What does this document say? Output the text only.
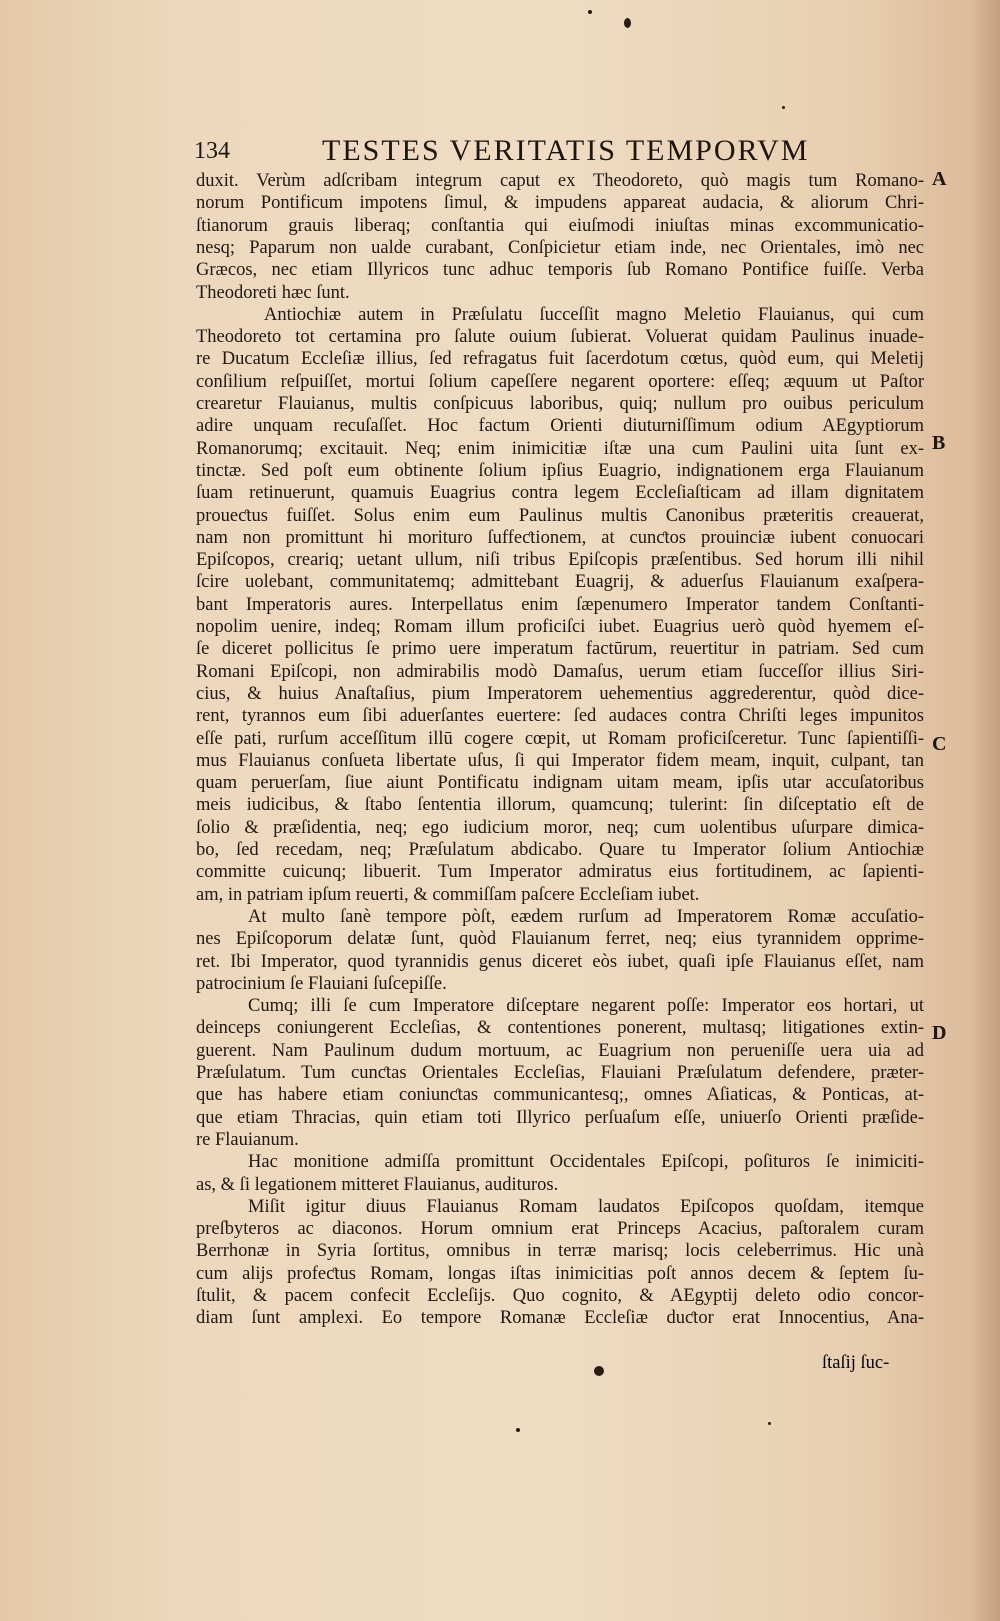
134	TESTES VERITATIS TEMPORVM
A
B
C
D
duxit. Verùm adſcribam integrum caput ex Theodoreto, quò magis tum Romano-
norum Pontificum impotens ſimul, & impudens appareat audacia, & aliorum Chri-
ſtianorum grauis liberaq; conſtantia qui eiuſmodi iniuſtas minas excommunicatio-
nesq; Paparum non ualde curabant, Conſpicietur etiam inde, nec Orientales, imò nec
Græcos, nec etiam Illyricos tunc adhuc temporis ſub Romano Pontifice fuiſſe. Verba
Theodoreti hæc ſunt.
Antiochiæ autem in Præſulatu ſucceſſit magno Meletio Flauianus, qui cum
Theodoreto tot certamina pro ſalute ouium ſubierat. Voluerat quidam Paulinus inuade-
re Ducatum Eccleſiæ illius, ſed refragatus fuit ſacerdotum cœtus, quòd eum, qui Meletij
conſilium reſpuiſſet, mortui ſolium capeſſere negarent oportere: eſſeq; æquum ut Paſtor
crearetur Flauianus, multis conſpicuus laboribus, quiq; nullum pro ouibus periculum
adire unquam recuſaſſet. Hoc factum Orienti diuturniſſimum odium AEgyptiorum
Romanorumq; excitauit. Neq; enim inimicitiæ iſtæ una cum Paulini uita ſunt ex-
tinctæ. Sed poſt eum obtinente ſolium ipſius Euagrio, indignationem erga Flauianum
ſuam retinuerunt, quamuis Euagrius contra legem Eccleſiaſticam ad illam dignitatem
proueƈtus fuiſſet. Solus enim eum Paulinus multis Canonibus præteritis creauerat,
nam non promittunt hi morituro ſuffeƈtionem, at cunƈtos prouinciæ iubent conuocari
Epiſcopos, creariq; uetant ullum, niſi tribus Epiſcopis præſentibus. Sed horum illi nihil
ſcire uolebant, communitatemq; admittebant Euagrij, & aduerſus Flauianum exaſpera-
bant Imperatoris aures. Interpellatus enim ſæpenumero Imperator tandem Conſtanti-
nopolim uenire, indeq; Romam illum proficiſci iubet. Euagrius uerò quòd hyemem eſ-
ſe diceret pollicitus ſe primo uere imperatum factūrum, reuertitur in patriam. Sed cum
Romani Epiſcopi, non admirabilis modò Damaſus, uerum etiam ſucceſſor illius Siri-
cius, & huius Anaſtaſius, pium Imperatorem uehementius aggrederentur, quòd dice-
rent, tyrannos eum ſibi aduerſantes euertere: ſed audaces contra Chriſti leges impunitos
eſſe pati, rurſum acceſſitum illū cogere cœpit, ut Romam proficiſceretur. Tunc ſapientiſſi-
mus Flauianus conſueta libertate uſus, ſi qui Imperator fidem meam, inquit, culpant, tan
quam peruerſam, ſiue aiunt Pontificatu indignam uitam meam, ipſis utar accuſatoribus
meis iudicibus, & ſtabo ſententia illorum, quamcunq; tulerint: ſin diſceptatio eſt de
ſolio & præſidentia, neq; ego iudicium moror, neq; cum uolentibus uſurpare dimica-
bo, ſed recedam, neq; Præſulatum abdicabo. Quare tu Imperator ſolium Antiochiæ
committe cuicunq; libuerit. Tum Imperator admiratus eius fortitudinem, ac ſapienti-
am, in patriam ipſum reuerti, & commiſſam paſcere Eccleſiam iubet.
At multo ſanè tempore pòſt, eædem rurſum ad Imperatorem Romæ accuſatio-
nes Epiſcoporum delatæ ſunt, quòd Flauianum ferret, neq; eius tyrannidem opprime-
ret. Ibi Imperator, quod tyrannidis genus diceret eòs iubet, quaſi ipſe Flauianus eſſet, nam
patrocinium ſe Flauiani ſuſcepiſſe.
Cumq; illi ſe cum Imperatore diſceptare negarent poſſe: Imperator eos hortari, ut
deinceps coniungerent Eccleſias, & contentiones ponerent, multasq; litigationes extin-
guerent. Nam Paulinum dudum mortuum, ac Euagrium non perueniſſe uera uia ad
Præſulatum. Tum cunƈtas Orientales Eccleſias, Flauiani Præſulatum defendere, præter-
que has habere etiam coniunƈtas communicantesq;, omnes Aſiaticas, & Ponticas, at-
que etiam Thracias, quin etiam toti Illyrico perſuaſum eſſe, uniuerſo Orienti præſide-
re Flauianum.
Hac monitione admiſſa promittunt Occidentales Epiſcopi, poſituros ſe inimiciti-
as, & ſi legationem mitteret Flauianus, audituros.
Miſit igitur diuus Flauianus Romam laudatos Epiſcopos quoſdam, itemque
preſbyteros ac diaconos. Horum omnium erat Princeps Acacius, paſtoralem curam
Berrhonæ in Syria ſortitus, omnibus in terræ marisq; locis celeberrimus. Hic unà
cum alijs profeƈtus Romam, longas iſtas inimicitias poſt annos decem & ſeptem ſu-
ſtulit, & pacem confecit Eccleſijs. Quo cognito, & AEgyptij deleto odio concor-
diam ſunt amplexi. Eo tempore Romanæ Eccleſiæ duƈtor erat Innocentius, Ana-
ſtaſij ſuc-
